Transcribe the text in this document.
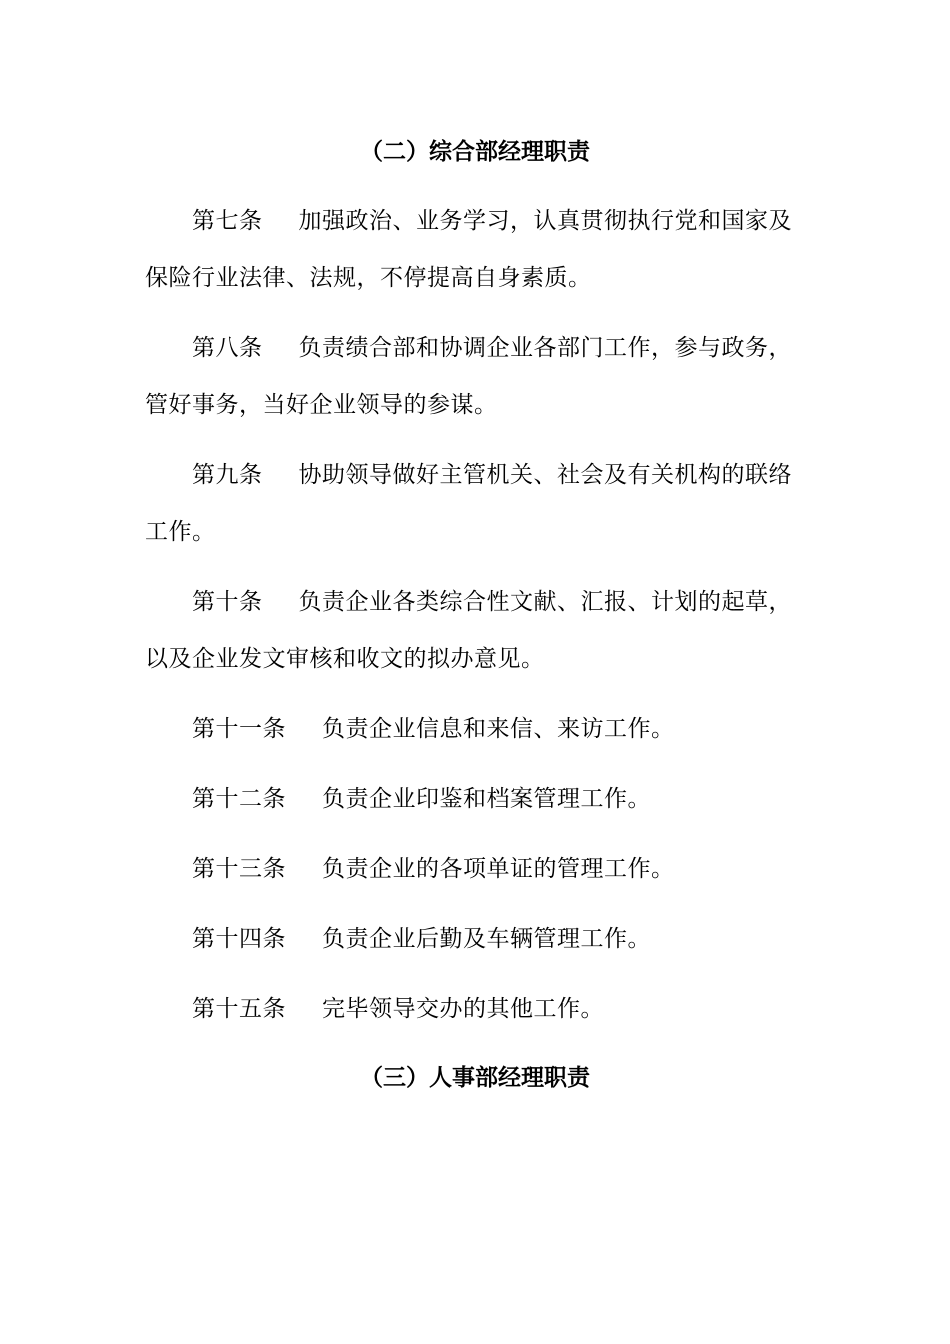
（二）综合部经理职责
第七条 加强政治、业务学习，认真贯彻执行党和国家及
保险行业法律、法规，不停提高自身素质。
第八条 负责绩合部和协调企业各部门工作，参与政务，
管好事务，当好企业领导的参谋。
第九条 协助领导做好主管机关、社会及有关机构的联络
工作。
第十条 负责企业各类综合性文献、汇报、计划的起草，
以及企业发文审核和收文的拟办意见。
第十一条 负责企业信息和来信、来访工作。
第十二条 负责企业印鉴和档案管理工作。
第十三条 负责企业的各项单证的管理工作。
第十四条 负责企业后勤及车辆管理工作。
第十五条 完毕领导交办的其他工作。
（三）人事部经理职责
